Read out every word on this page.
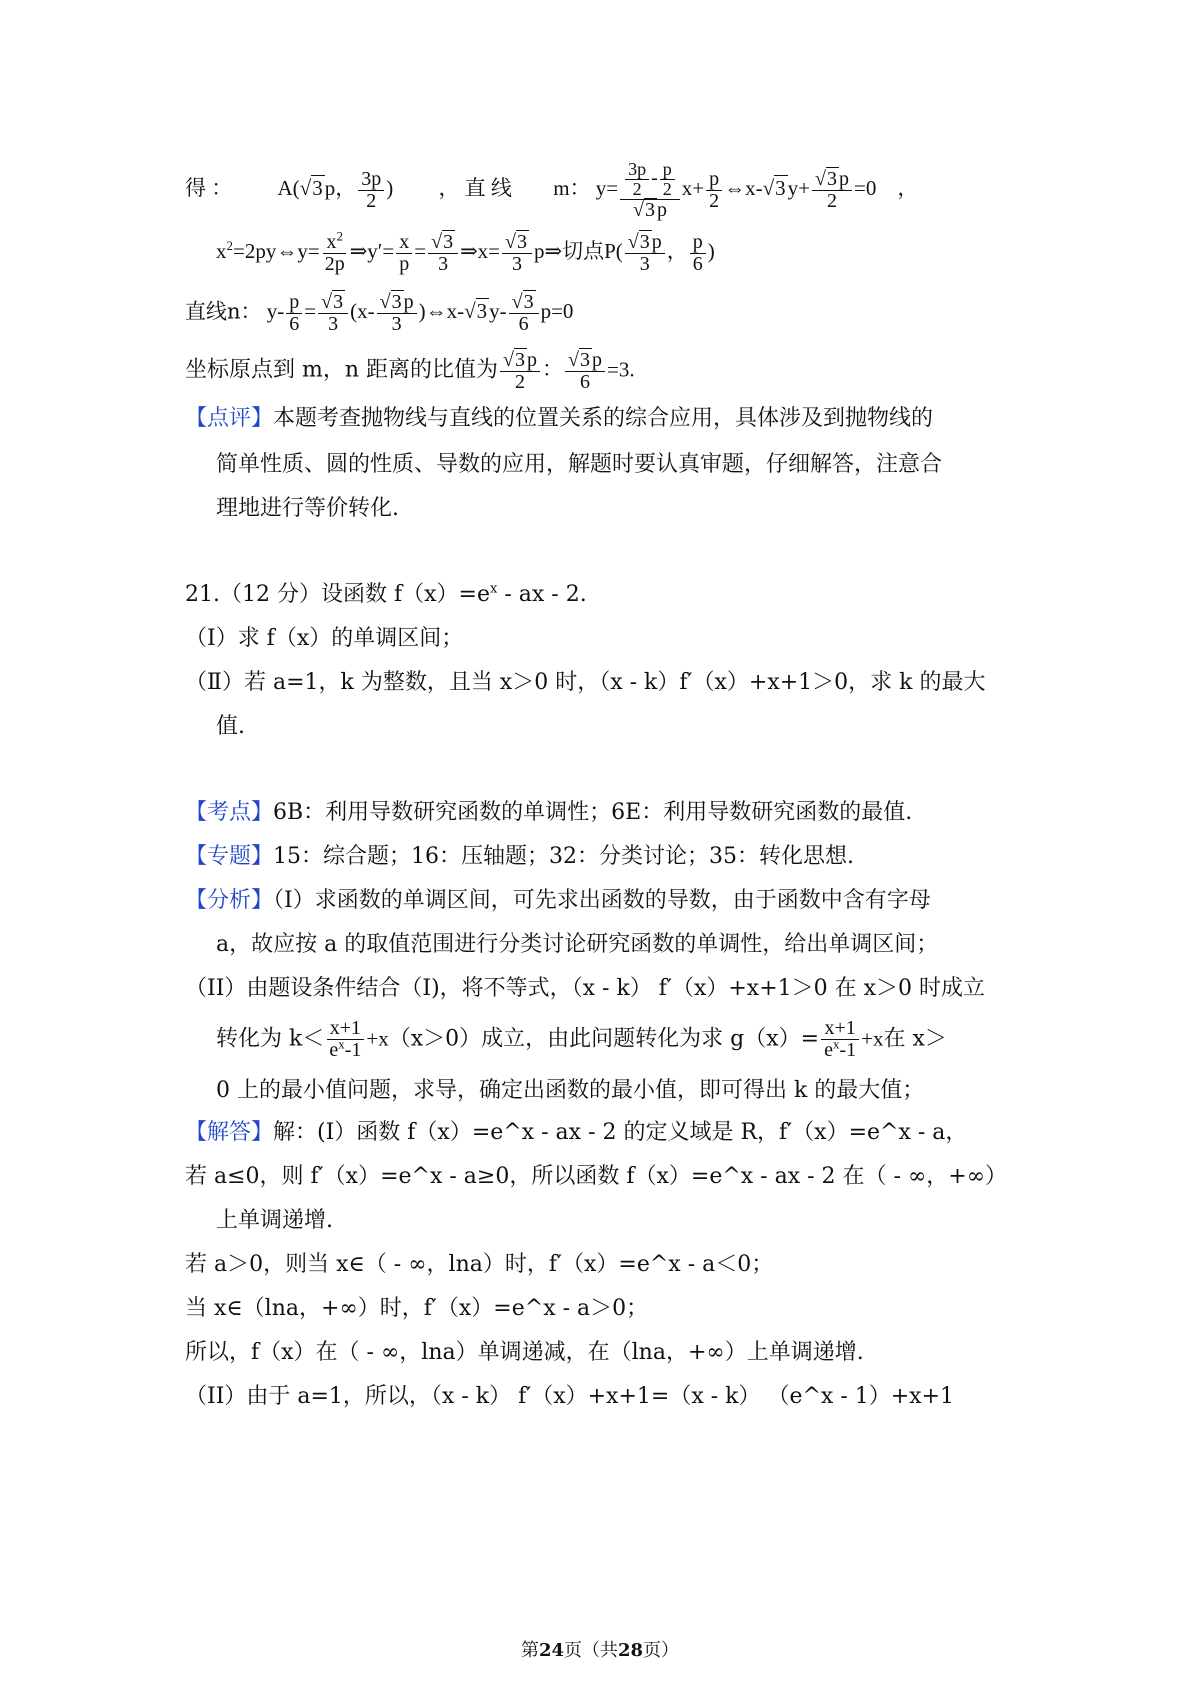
得 ： A(√3p， $\frac{3p}{2}$ ) ， 直 线 m： $y= \frac{\frac{3p}{2} - \frac{p}{2}}{√3 p} x+ \frac{p}{2}$ ⇔x-√3y+ $\frac{√3 p}{2} =0$    ，
$x^2=2py\Leftrightarrow y= \frac{x^2}{2p}$ ⇒y′= $\frac{x}{p} = \frac{√3}{3}$ ⇒x= $\frac{√3}{3}$ p⇒切点$P( \frac{√3 p}{3}$ ， $\frac{p}{6}$ )
直线n： $y- \frac{p}{6} = \frac{√3}{3} (x- \frac{√3 p}{3}$ )⇔x-√3y- $\frac{√3}{6} p=0$
坐标原点到 m，n 距离的比值为 $\frac{√3 p}{2}$ ： $\frac{√3 p}{6} =3$.
【点评】本题考查抛物线与直线的位置关系的综合应用，具体涉及到抛物线的
简单性质、圆的性质、导数的应用，解题时要认真审题，仔细解答，注意合
理地进行等价转化.
21.（12 分）设函数 $f(x)=e^x$ - ax - 2.
（Ⅰ）求 f（x）的单调区间；
（Ⅱ）若 a=1，k 为整数，且当 x＞0 时，（x - k）f′（x）+x+1＞0，求 k 的最大
值.
【考点】6B：利用导数研究函数的单调性；6E：利用导数研究函数的最值.
【专题】15：综合题；16：压轴题；32：分类讨论；35：转化思想.
【分析】（Ⅰ）求函数的单调区间，可先求出函数的导数，由于函数中含有字母
a，故应按 a 的取值范围进行分类讨论研究函数的单调性，给出单调区间；
（II）由题设条件结合（I)，将不等式，（x - k） f′（x）+x+1＞0 在 x＞0 时成立
转化为 $k< \frac{x+1}{e^x-1} +x(x>0)$成立，由此问题转化为求 $g(x)= \frac{x+1}{e^x-1} +x$在 x＞
0 上的最小值问题，求导，确定出函数的最小值，即可得出 k 的最大值；
【解答】解：(I）函数 f（x）=e^x - ax - 2 的定义域是 R，f′（x）=e^x - a，
若 a≤0，则 f′（x）=e^x - a≥0，所以函数 f（x）=e^x - ax - 2 在（ - ∞，+∞）
上单调递增.
若 a＞0，则当 x∈（ - ∞，lna）时，f′（x）=e^x - a＜0；
当 x∈（lna，+∞）时，f′（x）=e^x - a＞0；
所以，f（x）在（ - ∞，lna）单调递减，在（lna，+∞）上单调递增.
（II）由于 a=1，所以，（x - k） f′（x）+x+1=（x - k） （e^x - 1）+x+1
第24页（共28页）
